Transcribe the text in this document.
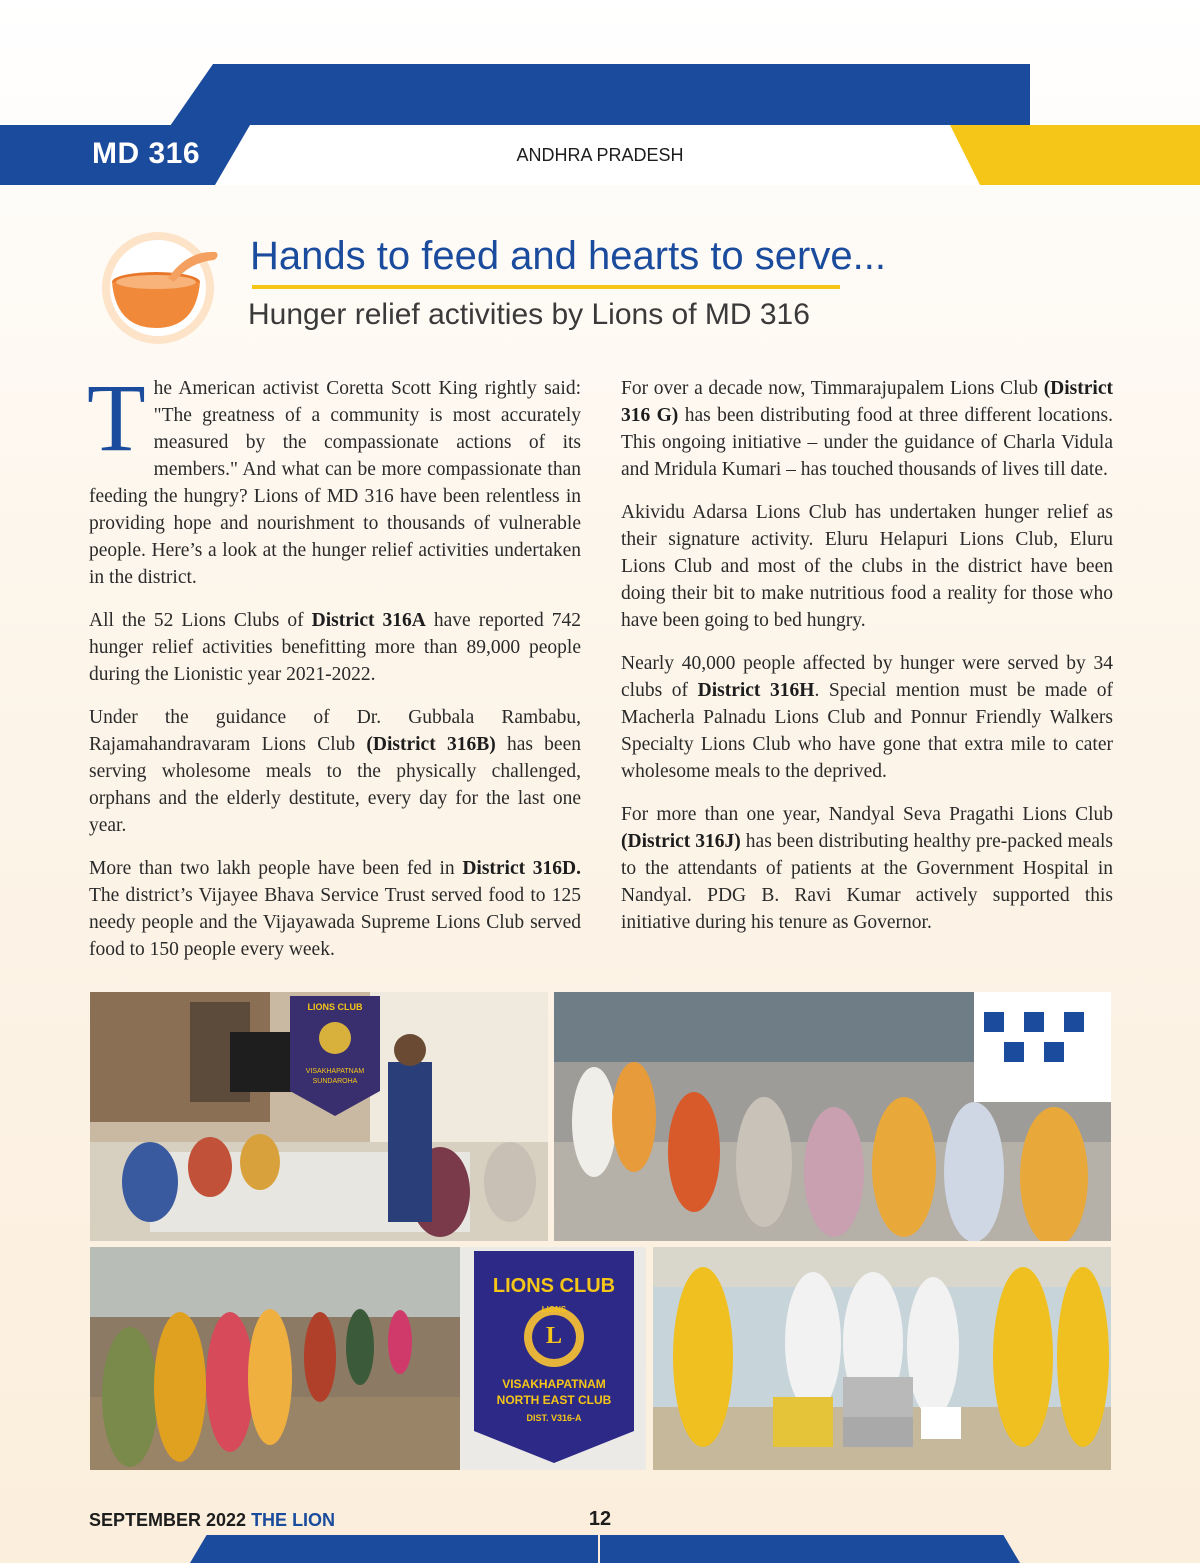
MD 316	ANDHRA PRADESH
Hands to feed and hearts to serve...
Hunger relief activities by Lions of MD 316

The American activist Coretta Scott King rightly said: "The greatness of a community is most accurately measured by the compassionate actions of its members." And what can be more compassionate than feeding the hungry? Lions of MD 316 have been relentless in providing hope and nourishment to thousands of vulnerable people. Here’s a look at the hunger relief activities undertaken in the district.

All the 52 Lions Clubs of District 316A have reported 742 hunger relief activities benefitting more than 89,000 people during the Lionistic year 2021-2022.

Under the guidance of Dr. Gubbala Rambabu, Rajamahandravaram Lions Club (District 316B) has been serving wholesome meals to the physically challenged, orphans and the elderly destitute, every day for the last one year.

More than two lakh people have been fed in District 316D. The district’s Vijayee Bhava Service Trust served food to 125 needy people and the Vijayawada Supreme Lions Club served food to 150 people every week.

For over a decade now, Timmarajupalem Lions Club (District 316 G) has been distributing food at three different locations. This ongoing initiative – under the guidance of Charla Vidula and Mridula Kumari – has touched thousands of lives till date.

Akividu Adarsa Lions Club has undertaken hunger relief as their signature activity. Eluru Helapuri Lions Club, Eluru Lions Club and most of the clubs in the district have been doing their bit to make nutritious food a reality for those who have been going to bed hungry.

Nearly 40,000 people affected by hunger were served by 34 clubs of District 316H. Special mention must be made of Macherla Palnadu Lions Club and Ponnur Friendly Walkers Specialty Lions Club who have gone that extra mile to cater wholesome meals to the deprived.

For more than one year, Nandyal Seva Pragathi Lions Club (District 316J) has been distributing healthy pre-packed meals to the attendants of patients at the Government Hospital in Nandyal. PDG B. Ravi Kumar actively supported this initiative during his tenure as Governor.

LIONS CLUB
VISAKHAPATNAM
SUNDAROHA
LIONS CLUB
LIONS
L
VISAKHAPATNAM
NORTH EAST CLUB
DIST. V316-A
SEPTEMBER 2022 THE LION	12
